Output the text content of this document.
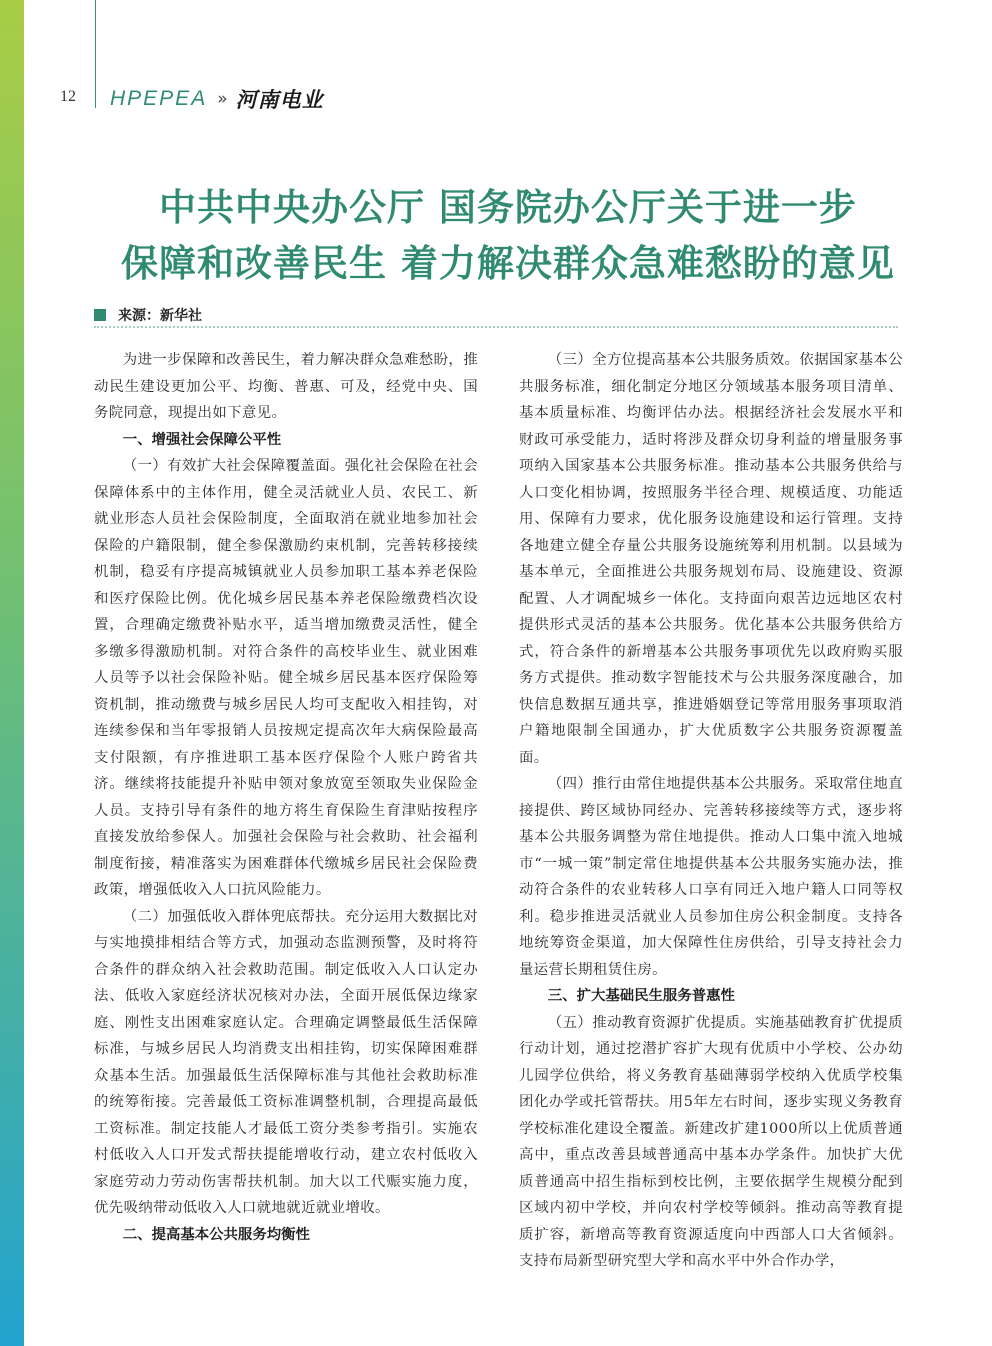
12 HPEPEA » 河南电业
中共中央办公厅 国务院办公厅关于进一步
保障和改善民生 着力解决群众急难愁盼的意见
来源： 新华社

为进一步保障和改善民生，着力解决群众急难愁盼，推动民生建设更加公平、均衡、普惠、可及，经党中央、国务院同意，现提出如下意见。

一、增强社会保障公平性

（一）有效扩大社会保障覆盖面。强化社会保险在社会保障体系中的主体作用，健全灵活就业人员、农民工、新就业形态人员社会保险制度，全面取消在就业地参加社会保险的户籍限制，健全参保激励约束机制，完善转移接续机制，稳妥有序提高城镇就业人员参加职工基本养老保险和医疗保险比例。优化城乡居民基本养老保险缴费档次设置，合理确定缴费补贴水平，适当增加缴费灵活性，健全多缴多得激励机制。对符合条件的高校毕业生、就业困难人员等予以社会保险补贴。健全城乡居民基本医疗保险筹资机制，推动缴费与城乡居民人均可支配收入相挂钩，对连续参保和当年零报销人员按规定提高次年大病保险最高支付限额，有序推进职工基本医疗保险个人账户跨省共济。继续将技能提升补贴申领对象放宽至领取失业保险金人员。支持引导有条件的地方将生育保险生育津贴按程序直接发放给参保人。加强社会保险与社会救助、社会福利制度衔接，精准落实为困难群体代缴城乡居民社会保险费政策，增强低收入人口抗风险能力。

（二）加强低收入群体兜底帮扶。充分运用大数据比对与实地摸排相结合等方式，加强动态监测预警，及时将符合条件的群众纳入社会救助范围。制定低收入人口认定办法、低收入家庭经济状况核对办法，全面开展低保边缘家庭、刚性支出困难家庭认定。合理确定调整最低生活保障标准，与城乡居民人均消费支出相挂钩，切实保障困难群众基本生活。加强最低生活保障标准与其他社会救助标准的统筹衔接。完善最低工资标准调整机制，合理提高最低工资标准。制定技能人才最低工资分类参考指引。实施农村低收入人口开发式帮扶提能增收行动，建立农村低收入家庭劳动力劳动伤害帮扶机制。加大以工代赈实施力度，优先吸纳带动低收入人口就地就近就业增收。

二、提高基本公共服务均衡性

（三）全方位提高基本公共服务质效。依据国家基本公共服务标准，细化制定分地区分领域基本服务项目清单、基本质量标准、均衡评估办法。根据经济社会发展水平和财政可承受能力，适时将涉及群众切身利益的增量服务事项纳入国家基本公共服务标准。推动基本公共服务供给与人口变化相协调，按照服务半径合理、规模适度、功能适用、保障有力要求，优化服务设施建设和运行管理。支持各地建立健全存量公共服务设施统筹利用机制。以县域为基本单元，全面推进公共服务规划布局、设施建设、资源配置、人才调配城乡一体化。支持面向艰苦边远地区农村提供形式灵活的基本公共服务。优化基本公共服务供给方式，符合条件的新增基本公共服务事项优先以政府购买服务方式提供。推动数字智能技术与公共服务深度融合，加快信息数据互通共享，推进婚姻登记等常用服务事项取消户籍地限制全国通办，扩大优质数字公共服务资源覆盖面。

（四）推行由常住地提供基本公共服务。采取常住地直接提供、跨区域协同经办、完善转移接续等方式，逐步将基本公共服务调整为常住地提供。推动人口集中流入地城市“一城一策”制定常住地提供基本公共服务实施办法，推动符合条件的农业转移人口享有同迁入地户籍人口同等权利。稳步推进灵活就业人员参加住房公积金制度。支持各地统筹资金渠道，加大保障性住房供给，引导支持社会力量运营长期租赁住房。

三、扩大基础民生服务普惠性

（五）推动教育资源扩优提质。实施基础教育扩优提质行动计划，通过挖潜扩容扩大现有优质中小学校、公办幼儿园学位供给，将义务教育基础薄弱学校纳入优质学校集团化办学或托管帮扶。用5年左右时间，逐步实现义务教育学校标准化建设全覆盖。新建改扩建1000所以上优质普通高中，重点改善县域普通高中基本办学条件。加快扩大优质普通高中招生指标到校比例，主要依据学生规模分配到区域内初中学校，并向农村学校等倾斜。推动高等教育提质扩容，新增高等教育资源适度向中西部人口大省倾斜。支持布局新型研究型大学和高水平中外合作办学，
